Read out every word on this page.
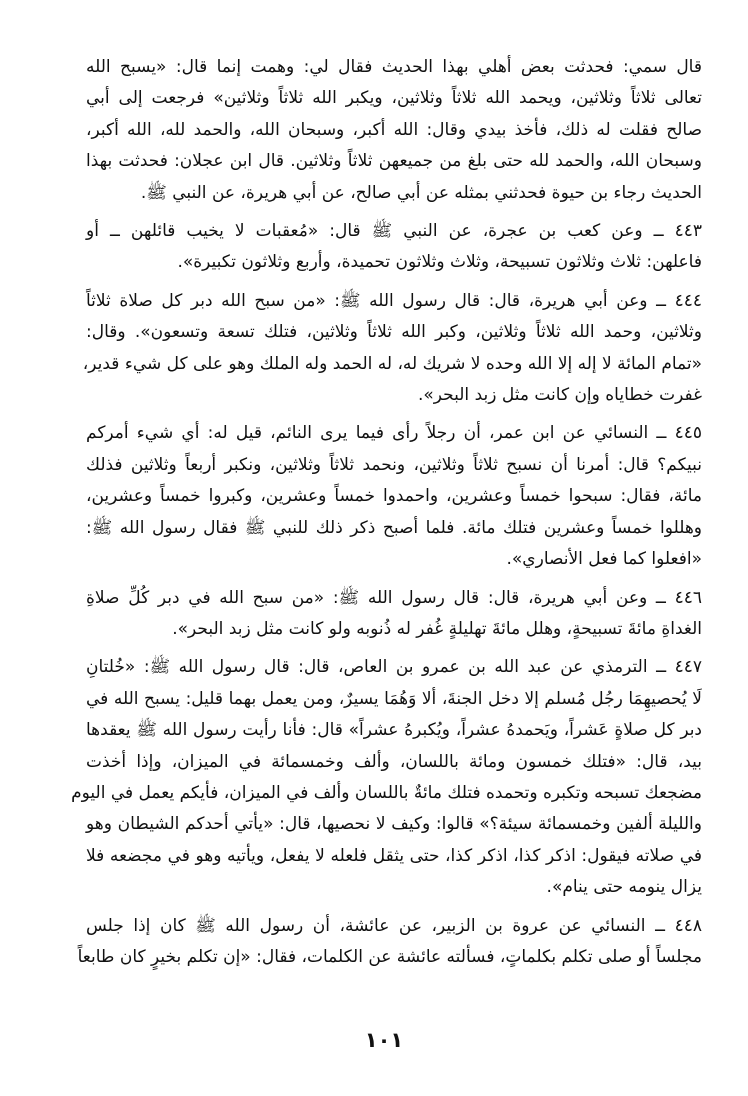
قال سمي: فحدثت بعض أهلي بهذا الحديث فقال لي: وهمت إنما قال: «يسبح الله
تعالى ثلاثاً وثلاثين، ويحمد الله ثلاثاً وثلاثين، ويكبر الله ثلاثاً وثلاثين» فرجعت إلى أبي
صالح فقلت له ذلك، فأخذ بيدي وقال: الله أكبر، وسبحان الله، والحمد لله، الله أكبر،
وسبحان الله، والحمد لله حتى بلغ من جميعهن ثلاثاً وثلاثين. قال ابن عجلان: فحدثت بهذا
الحديث رجاء بن حيوة فحدثني بمثله عن أبي صالح، عن أبي هريرة، عن النبي ﷺ.

٤٤٣ ــ وعن كعب بن عجرة، عن النبي ﷺ قال: «مُعقبات لا يخيب قائلهن ــ أو
فاعلهن: ثلاث وثلاثون تسبيحة، وثلاث وثلاثون تحميدة، وأربع وثلاثون تكبيرة».

٤٤٤ ــ وعن أبي هريرة، قال: قال رسول الله ﷺ: «من سبح الله دبر كل صلاة ثلاثاً
وثلاثين، وحمد الله ثلاثاً وثلاثين، وكبر الله ثلاثاً وثلاثين، فتلك تسعة وتسعون». وقال:
«تمام المائة لا إله إلا الله وحده لا شريك له، له الحمد وله الملك وهو على كل شيء قدير،
غفرت خطاياه وإن كانت مثل زبد البحر».

٤٤٥ ــ النسائي عن ابن عمر، أن رجلاً رأى فيما يرى النائم، قيل له: أي شيء أمركم
نبيكم؟ قال: أمرنا أن نسبح ثلاثاً وثلاثين، ونحمد ثلاثاً وثلاثين، ونكبر أربعاً وثلاثين فذلك
مائة، فقال: سبحوا خمساً وعشرين، واحمدوا خمساً وعشرين، وكبروا خمساً وعشرين،
وهللوا خمساً وعشرين فتلك مائة. فلما أصبح ذكر ذلك للنبي ﷺ فقال رسول الله ﷺ:
«افعلوا كما فعل الأنصاري».

٤٤٦ ــ وعن أبي هريرة، قال: قال رسول الله ﷺ: «من سبح الله في دبر كُلِّ صلاةِ
الغداةِ مائةَ تسبيحةٍ، وهلل مائةَ تهليلةٍ غُفر له ذُنوبه ولو كانت مثل زبد البحر».

٤٤٧ ــ الترمذي عن عبد الله بن عمرو بن العاص، قال: قال رسول الله ﷺ: «خُلتانِ
لَا يُحصيهِمَا رجُل مُسلم إلا دخل الجنةَ، ألا وَهُمَا يسيرٌ، ومن يعمل بهما قليل: يسبح الله في
دبر كل صلاةٍ عَشراً، ويَحمدهُ عشراً، ويُكبرهُ عشراً» قال: فأنا رأيت رسول الله ﷺ يعقدها
بيد، قال: «فتلك خمسون ومائة باللسان، وألف وخمسمائة في الميزان، وإذا أخذت
مضجعك تسبحه وتكبره وتحمده فتلك مائةٌ باللسان وألف في الميزان، فأيكم يعمل في اليوم
والليلة ألفين وخمسمائة سيئة؟» قالوا: وكيف لا نحصيها، قال: «يأتي أحدكم الشيطان وهو
في صلاته فيقول: اذكر كذا، اذكر كذا، حتى يثقل فلعله لا يفعل، ويأتيه وهو في مجضعه فلا
يزال ينومه حتى ينام».

٤٤٨ ــ النسائي عن عروة بن الزبير، عن عائشة، أن رسول الله ﷺ كان إذا جلس
مجلساً أو صلى تكلم بكلماتٍ، فسألته عائشة عن الكلمات، فقال: «إن تكلم بخيرٍ كان طابعاً

١٠١
